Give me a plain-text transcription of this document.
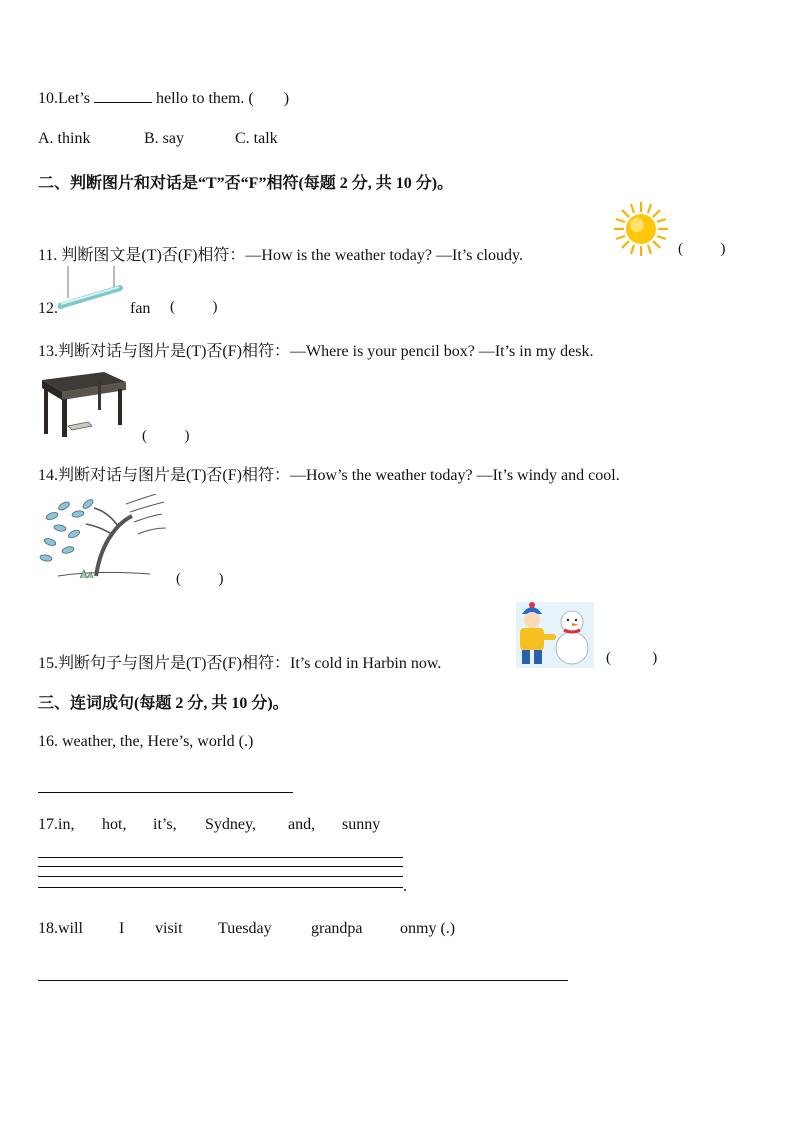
10.Let’s	hello to them. ( )
A. think	B. say	C. talk
二、判断图片和对话是“T”否“F”相符(每题 2 分, 共 10 分)。
11. 判断图文是(T)否(F)相符：—How is the weather today? —It’s cloudy.	(          )
12.	fan (          )
13.判断对话与图片是(T)否(F)相符：—Where is your pencil box? —It’s in my desk.
(          )
14.判断对话与图片是(T)否(F)相符：—How’s the weather today? —It’s windy and cool.
(          )
15.判断句子与图片是(T)否(F)相符：It’s cold in Harbin now.	(           )
三、连词成句(每题 2 分, 共 10 分)。
16. weather, the, Here’s, world (.)
17.in, hot, it’s, Sydney, and, sunny
.
18.will I visit Tuesday grandpa onmy (.)
